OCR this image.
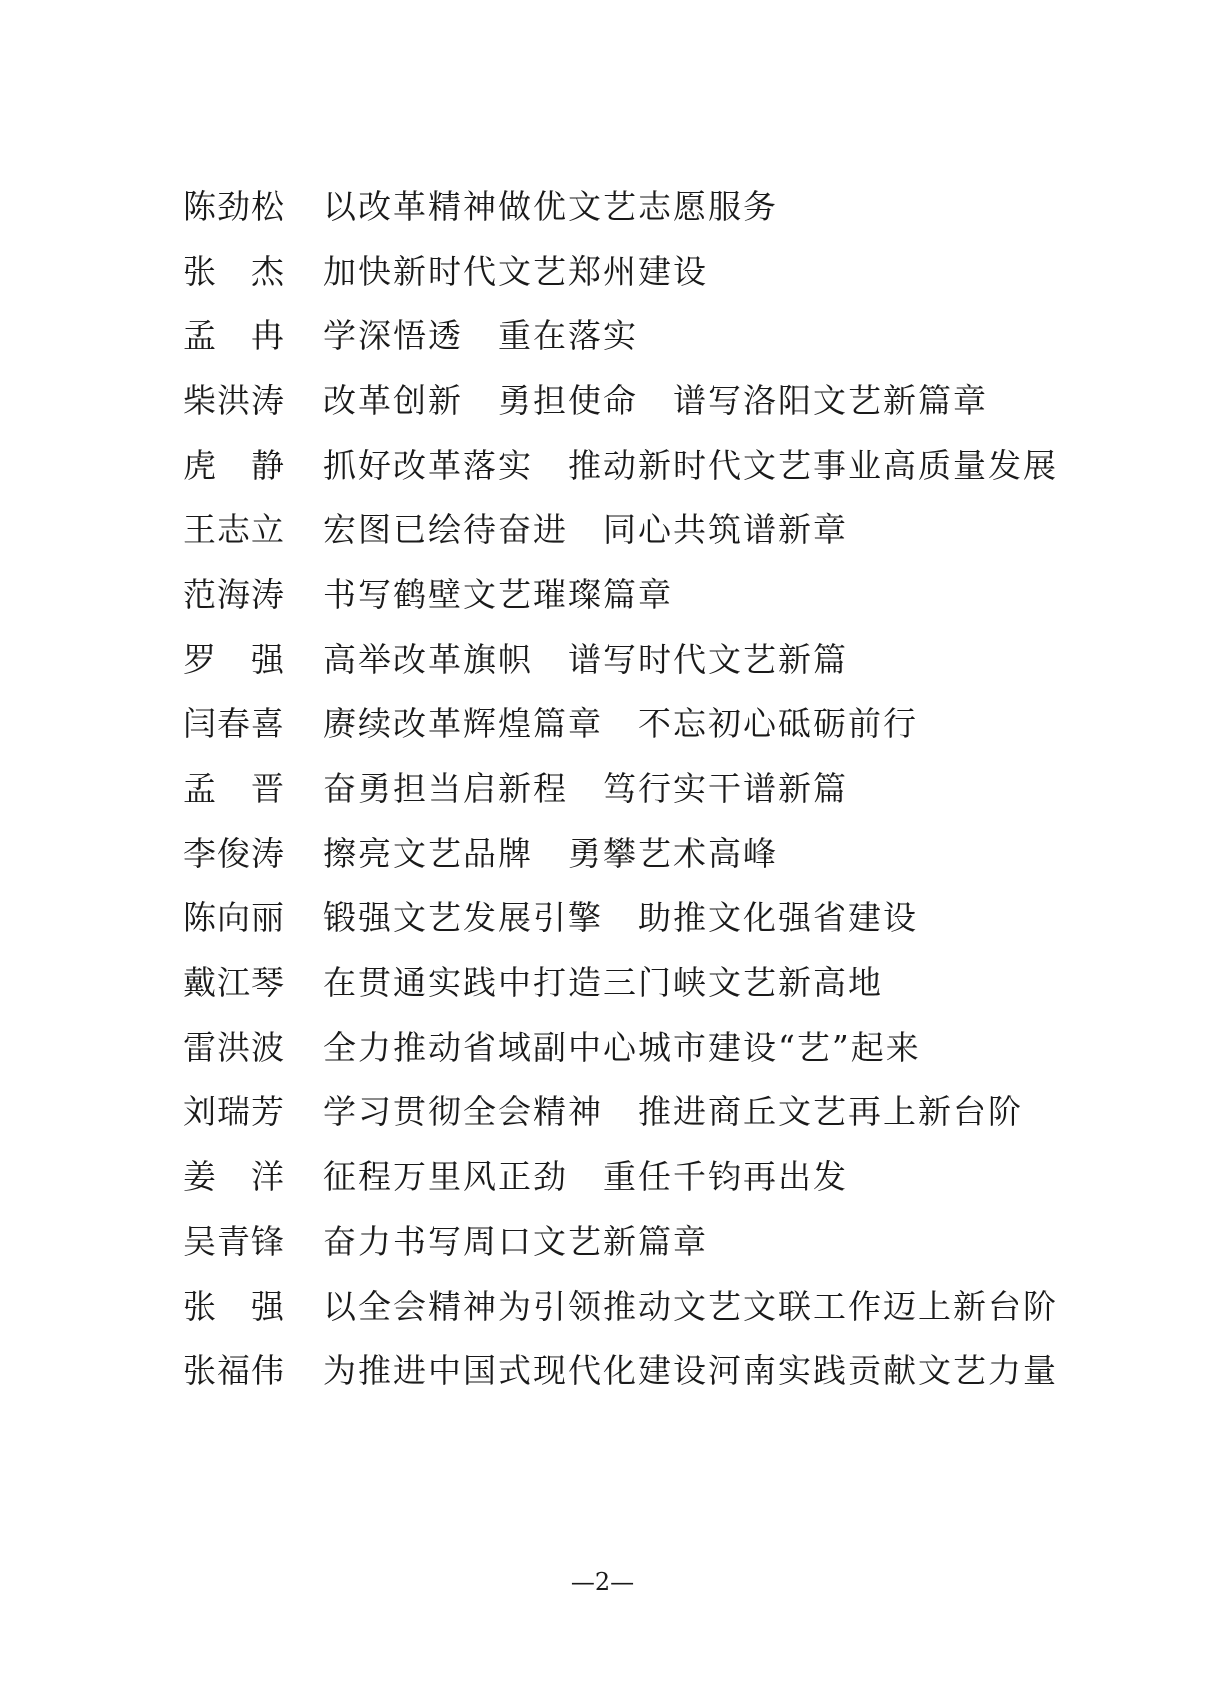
陈劲松	以改革精神做优文艺志愿服务
张　杰	加快新时代文艺郑州建设
孟　冉	学深悟透　重在落实
柴洪涛	改革创新　勇担使命　谱写洛阳文艺新篇章
虎　静	抓好改革落实　推动新时代文艺事业高质量发展
王志立	宏图已绘待奋进　同心共筑谱新章
范海涛	书写鹤壁文艺璀璨篇章
罗　强	高举改革旗帜　谱写时代文艺新篇
闫春喜	赓续改革辉煌篇章　不忘初心砥砺前行
孟　晋	奋勇担当启新程　笃行实干谱新篇
李俊涛	擦亮文艺品牌　勇攀艺术高峰
陈向丽	锻强文艺发展引擎　助推文化强省建设
戴江琴	在贯通实践中打造三门峡文艺新高地
雷洪波	全力推动省域副中心城市建设“艺”起来
刘瑞芳	学习贯彻全会精神　推进商丘文艺再上新台阶
姜　洋	征程万里风正劲　重任千钧再出发
吴青锋	奋力书写周口文艺新篇章
张　强	以全会精神为引领推动文艺文联工作迈上新台阶
张福伟	为推进中国式现代化建设河南实践贡献文艺力量
—2—
